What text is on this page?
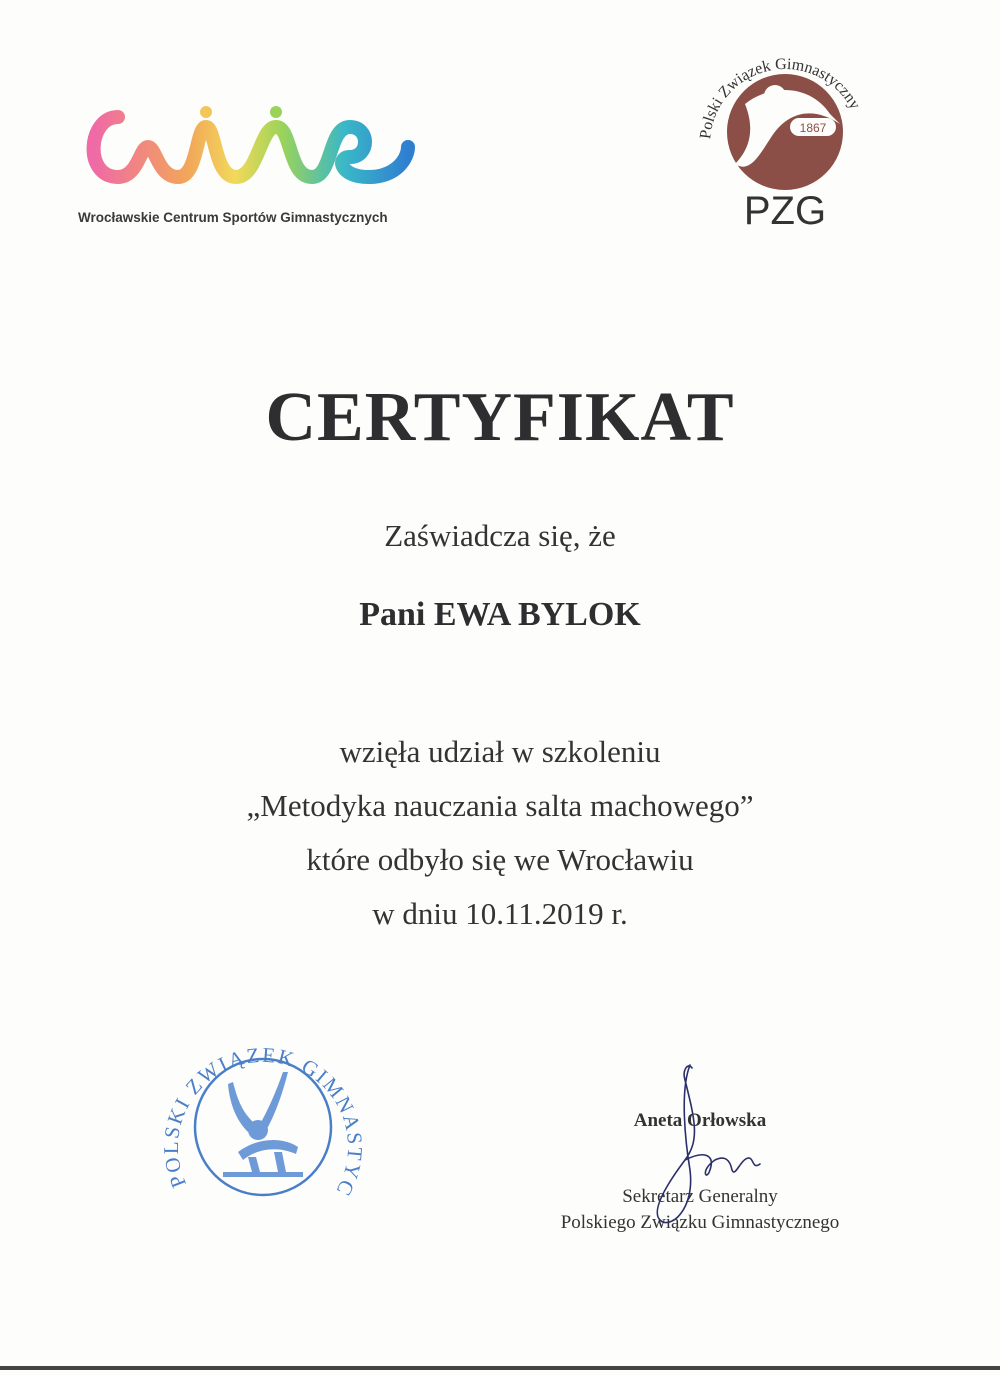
Wrocławskie Centrum Sportów Gimnastycznych
Polski Związek Gimnastyczny
1867
PZG
CERTYFIKAT
Zaświadcza się, że
Pani EWA BYLOK
wzięła udział w szkoleniu
„Metodyka nauczania salta machowego”
które odbyło się we Wrocławiu
w dniu 10.11.2019 r.
POLSKI ZWIĄZEK GIMNASTYC
Aneta Orłowska
Sekretarz Generalny
Polskiego Związku Gimnastycznego
